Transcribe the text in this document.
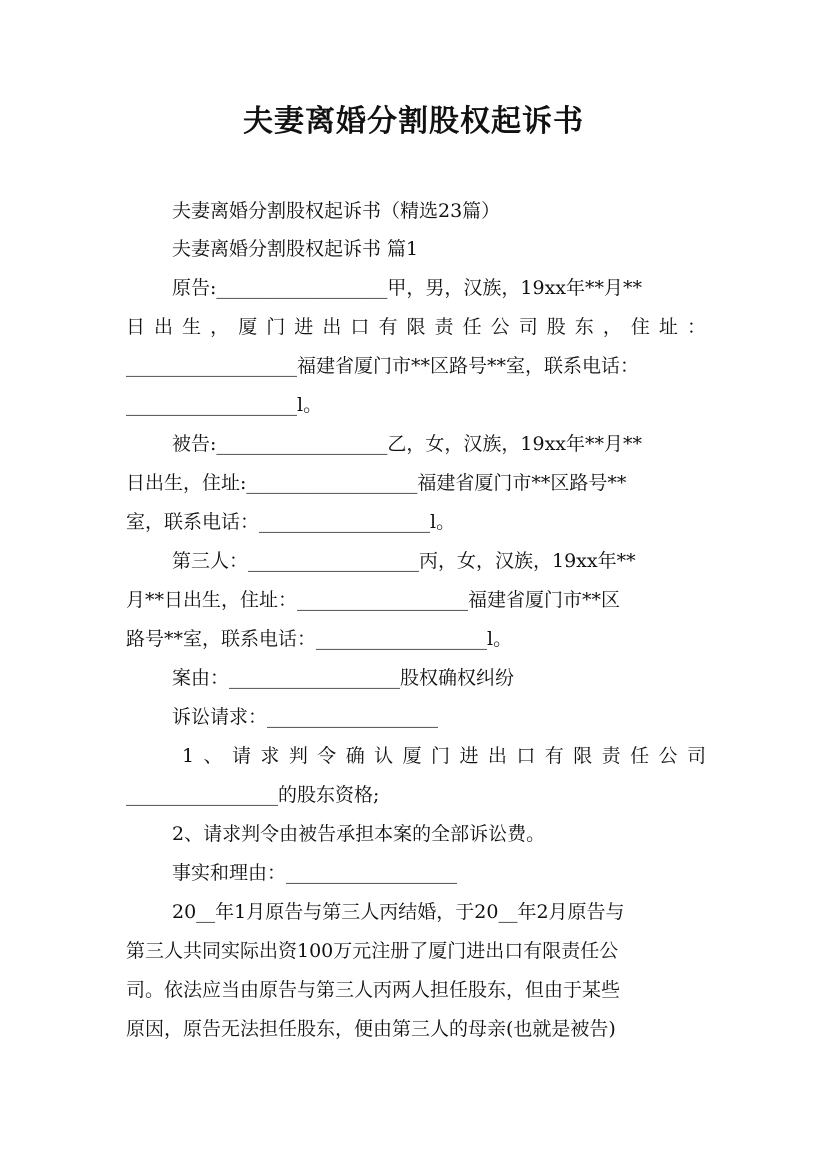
夫妻离婚分割股权起诉书
夫妻离婚分割股权起诉书（精选23篇）
夫妻离婚分割股权起诉书 篇1
原告:__________________甲，男，汉族，19xx年**月**
日出生，厦门进出口有限责任公司股东，住址：
__________________福建省厦门市**区路号**室，联系电话：
__________________l。
被告:__________________乙，女，汉族，19xx年**月**
日出生，住址:__________________福建省厦门市**区路号**
室，联系电话：__________________l。
第三人：__________________丙，女，汉族，19xx年**
月**日出生，住址：__________________福建省厦门市**区
路号**室，联系电话：__________________l。
案由：__________________股权确权纠纷
诉讼请求：__________________
1、请求判令确认厦门进出口有限责任公司
________________的股东资格;
2、请求判令由被告承担本案的全部诉讼费。
事实和理由：__________________
20__年1月原告与第三人丙结婚，于20__年2月原告与
第三人共同实际出资100万元注册了厦门进出口有限责任公
司。依法应当由原告与第三人丙两人担任股东，但由于某些
原因，原告无法担任股东，便由第三人的母亲(也就是被告)
